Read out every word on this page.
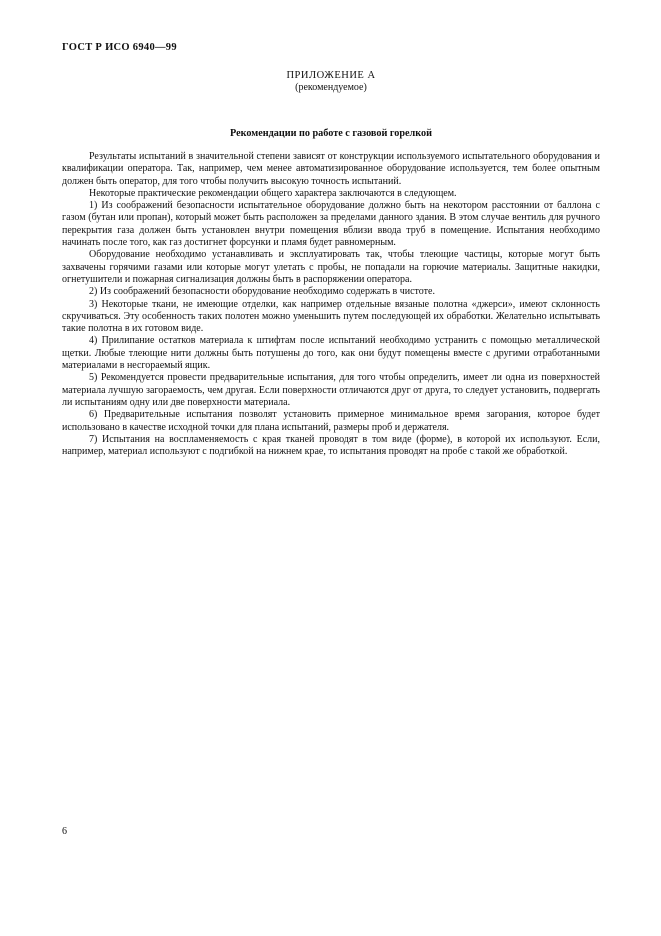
ГОСТ Р ИСО 6940—99
ПРИЛОЖЕНИЕ А
(рекомендуемое)
Рекомендации по работе с газовой горелкой

Результаты испытаний в значительной степени зависят от конструкции используемого испытательного оборудования и квалификации оператора. Так, например, чем менее автоматизированное оборудование используется, тем более опытным должен быть оператор, для того чтобы получить высокую точность испытаний.

Некоторые практические рекомендации общего характера заключаются в следующем.

1) Из соображений безопасности испытательное оборудование должно быть на некотором расстоянии от баллона с газом (бутан или пропан), который может быть расположен за пределами данного здания. В этом случае вентиль для ручного перекрытия газа должен быть установлен внутри помещения вблизи ввода труб в помещение. Испытания необходимо начинать после того, как газ достигнет форсунки и пламя будет равномерным.

Оборудование необходимо устанавливать и эксплуатировать так, чтобы тлеющие частицы, которые могут быть захвачены горячими газами или которые могут улетать с пробы, не попадали на горючие материалы. Защитные накидки, огнетушители и пожарная сигнализация должны быть в распоряжении оператора.

2) Из соображений безопасности оборудование необходимо содержать в чистоте.

3) Некоторые ткани, не имеющие отделки, как например отдельные вязаные полотна «джерси», имеют склонность скручиваться. Эту особенность таких полотен можно уменьшить путем последующей их обработки. Желательно испытывать такие полотна в их готовом виде.

4) Прилипание остатков материала к штифтам после испытаний необходимо устранить с помощью металлической щетки. Любые тлеющие нити должны быть потушены до того, как они будут помещены вместе с другими отработанными материалами в несгораемый ящик.

5) Рекомендуется провести предварительные испытания, для того чтобы определить, имеет ли одна из поверхностей материала лучшую загораемость, чем другая. Если поверхности отличаются друг от друга, то следует установить, подвергать ли испытаниям одну или две поверхности материала.

6) Предварительные испытания позволят установить примерное минимальное время загорания, которое будет использовано в качестве исходной точки для плана испытаний, размеры проб и держателя.

7) Испытания на воспламеняемость с края тканей проводят в том виде (форме), в которой их используют. Если, например, материал используют с подгибкой на нижнем крае, то испытания проводят на пробе с такой же обработкой.

6
